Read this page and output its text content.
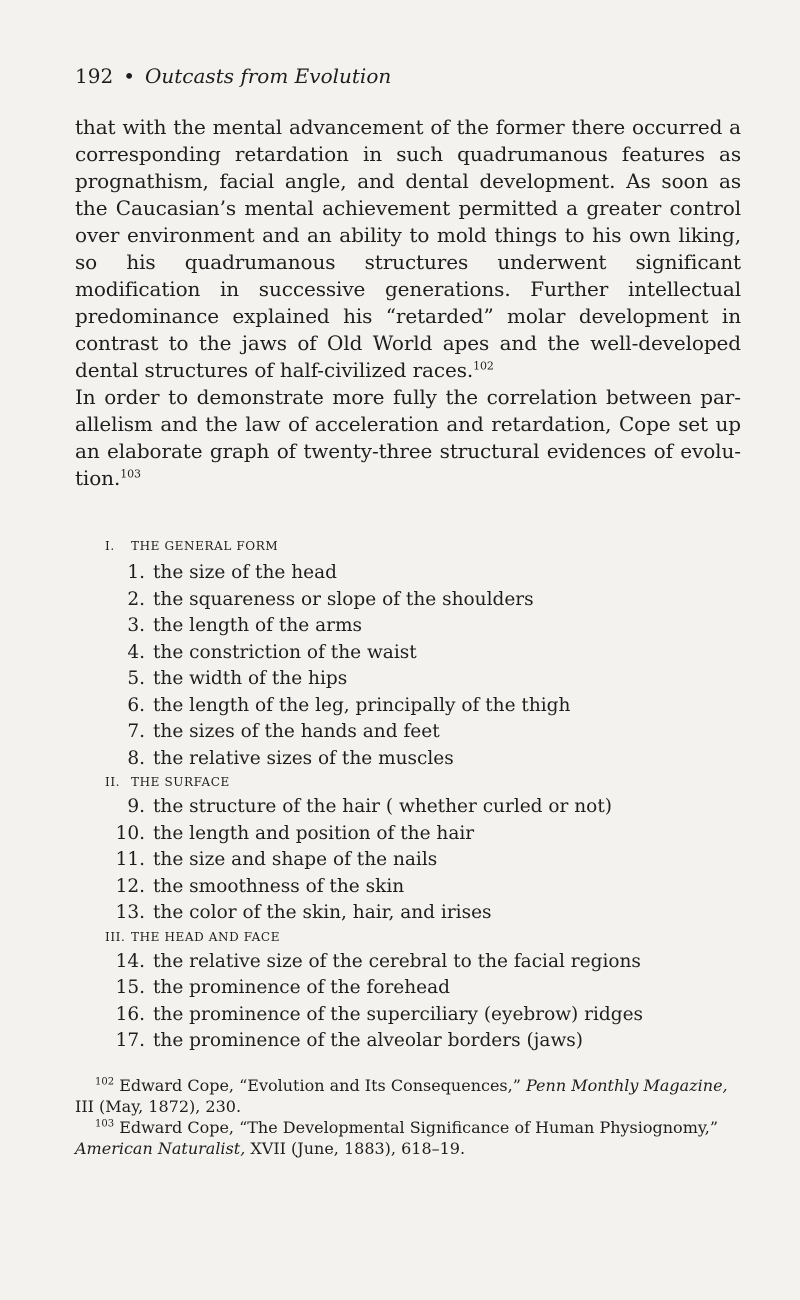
192 • Outcasts from Evolution

that with the mental advancement of the former there occurred a corresponding retardation in such quadrumanous features as prognathism, facial angle, and dental development. As soon as the Caucasian’s mental achievement permitted a greater control over environment and an ability to mold things to his own liking, so his quadrumanous structures underwent significant modification in successive generations. Further intellectual predominance explained his “retarded” molar development in contrast to the jaws of Old World apes and the well-developed dental structures of half-civilized races.$^{102}$

In order to demonstrate more fully the correlation between parallelism and the law of acceleration and retardation, Cope set up an elaborate graph of twenty-three structural evidences of evolution.$^{103}$

I. THE GENERAL FORM

1. the size of the head
2. the squareness or slope of the shoulders
3. the length of the arms
4. the constriction of the waist
5. the width of the hips
6. the length of the leg, principally of the thigh
7. the sizes of the hands and feet
8. the relative sizes of the muscles

II. THE SURFACE

9. the structure of the hair ( whether curled or not)
10. the length and position of the hair
11. the size and shape of the nails
12. the smoothness of the skin
13. the color of the skin, hair, and irises

III. THE HEAD AND FACE

14. the relative size of the cerebral to the facial regions
15. the prominence of the forehead
16. the prominence of the superciliary (eyebrow) ridges
17. the prominence of the alveolar borders (jaws)

$^{102}$ Edward Cope, “Evolution and Its Consequences,” Penn Monthly Magazine,

III (May, 1872), 230.

$^{103}$ Edward Cope, “The Developmental Significance of Human Physiognomy,”

American Naturalist, XVII (June, 1883), 618–19.
